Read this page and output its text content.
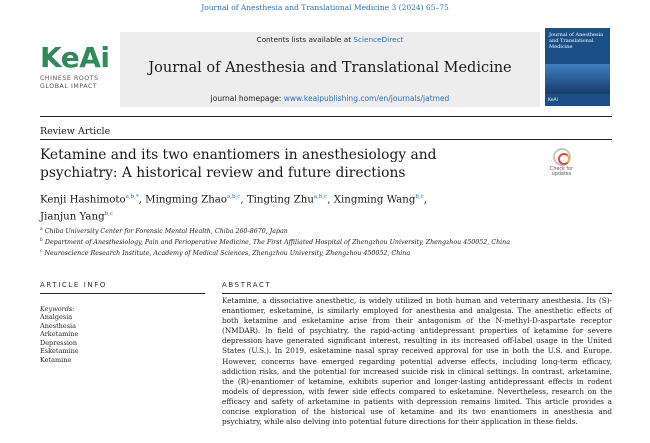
Journal of Anesthesia and Translational Medicine 3 (2024) 65–75
KeAi
CHINESE ROOTS
GLOBAL IMPACT
Contents lists available at ScienceDirect
Journal of Anesthesia and Translational Medicine
journal homepage: www.keaipublishing.com/en/journals/jatmed
Journal of Anesthesia and Translational Medicine
KeAi
Review Article
Ketamine and its two enantiomers in anesthesiology and psychiatry: A historical review and future directions	Check for
updates
Kenji Hashimoto$^{a,b,*}$, Mingming Zhao$^{a,b,c}$, Tingting Zhu$^{a,b,c}$, Xingming Wang$^{b,c}$,
Jianjun Yang$^{b,c}$
$^a$ Chiba University Center for Forensic Mental Health, Chiba 260-8670, Japan
$^b$ Department of Anesthesiology, Pain and Perioperative Medicine, The First Affiliated Hospital of Zhengzhou University, Zhengzhou 450052, China
$^c$ Neuroscience Research Institute, Academy of Medical Sciences, Zhengzhou University, Zhengzhou 450052, China
ARTICLE INFO
Keywords:
Analgesia
Anesthesia
Arketamine
Depression
Esketamine
Ketamine
ABSTRACT
Ketamine, a dissociative anesthetic, is widely utilized in both human and veterinary anesthesia. Its (S)-enantiomer, esketamine, is similarly employed for anesthesia and analgesia. The anesthetic effects of both ketamine and esketamine arise from their antagonism of the N-methyl-D-aspartate receptor (NMDAR). In field of psychiatry, the rapid-acting antidepressant properties of ketamine for severe depression have generated significant interest, resulting in its increased off-label usage in the United States (U.S.). In 2019, esketamine nasal spray received approval for use in both the U.S. and Europe. However, concerns have emerged regarding potential adverse effects, including long-term efficacy, addiction risks, and the potential for increased suicide risk in clinical settings. In contrast, arketamine, the (R)-enantiomer of ketamine, exhibits superior and longer-lasting antidepressant effects in rodent models of depression, with fewer side effects compared to esketamine. Nevertheless, research on the efficacy and safety of arketamine in patients with depression remains limited. This article provides a concise exploration of the historical use of ketamine and its two enantiomers in anesthesia and psychiatry, while also delving into potential future directions for their application in these fields.
